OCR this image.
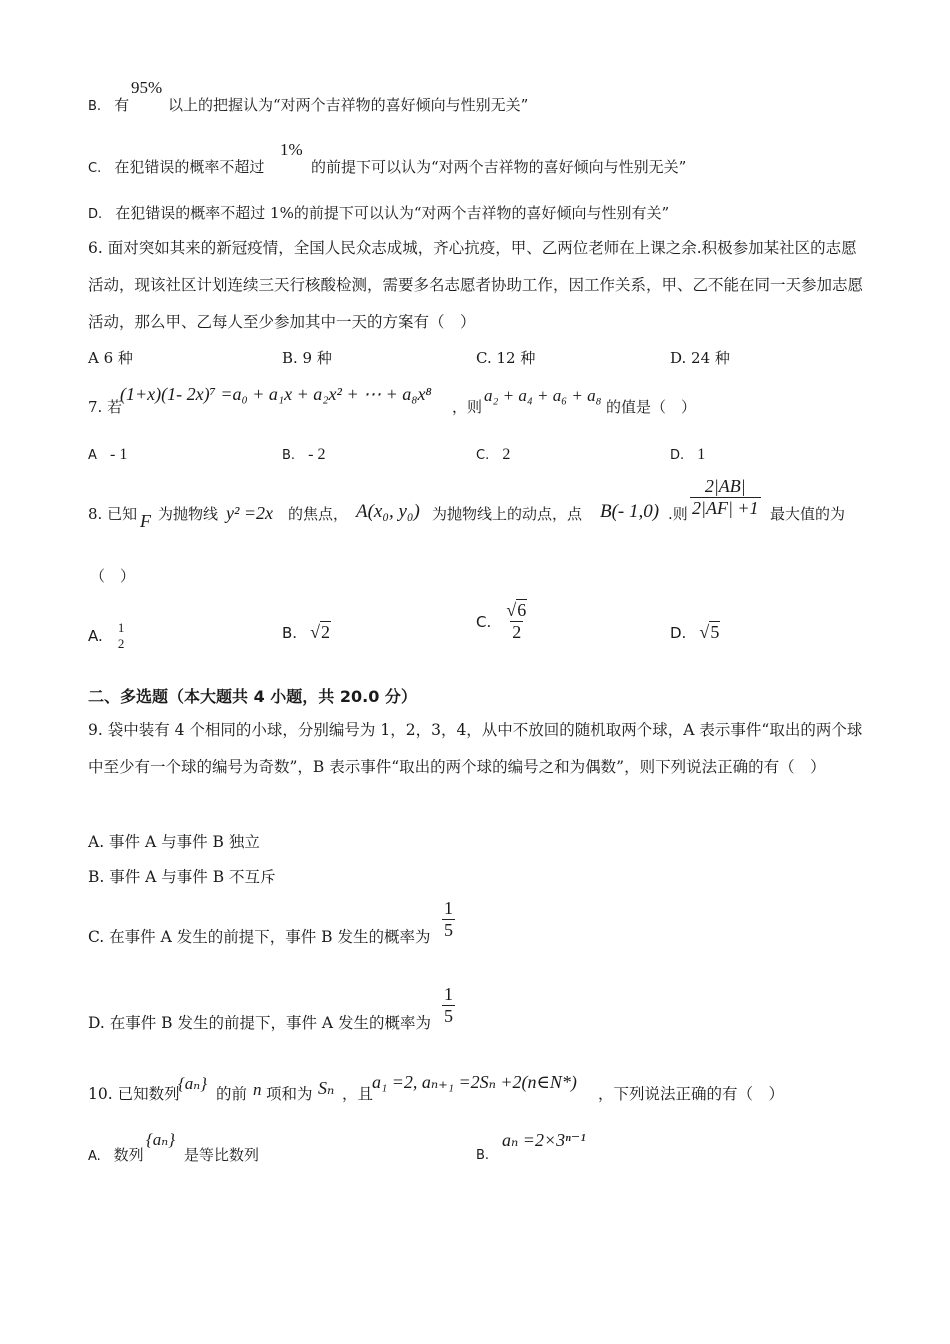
B. 有
95%
以上的把握认为“对两个吉祥物的喜好倾向与性别无关”
C. 在犯错误的概率不超过
1%
的前提下可以认为“对两个吉祥物的喜好倾向与性别无关”
D. 在犯错误的概率不超过 1%的前提下可以认为“对两个吉祥物的喜好倾向与性别有关”
6. 面对突如其来的新冠疫情，全国人民众志成城，齐心抗疫，甲、乙两位老师在上课之余.积极参加某社区的志愿活动，现该社区计划连续三天行核酸检测，需要多名志愿者协助工作，因工作关系，甲、乙不能在同一天参加志愿活动，那么甲、乙每人至少参加其中一天的方案有（　）
A 6 种	B. 9 种	C. 12 种	D. 24 种
7. 若
(1+x)(1- 2x)⁷ =a₀ + a₁x + a₂x² + ⋯ + a₈x⁸
，则
a₂ + a₄ + a₆ + a₈
的值是（　）
A - 1	B. - 2	C. 2	D. 1
8. 已知 F 为抛物线 y² =2x 的焦点， A(x₀, y₀) 为抛物线上的动点，点 B(- 1,0) .则 $\frac{2|AB|}{2|AF| +1}$ 最大值的为
（　）
A. 1
2
B. √2
C. $\frac{√6}{2}$	D. √5
二、多选题（本大题共 4 小题，共 20.0 分）
9. 袋中装有 4 个相同的小球，分别编号为 1，2，3，4，从中不放回的随机取两个球，A 表示事件“取出的两个球中至少有一个球的编号为奇数”，B 表示事件“取出的两个球的编号之和为偶数”，则下列说法正确的有（　）
A. 事件 A 与事件 B 独立
B. 事件 A 与事件 B 不互斥
C. 在事件 A 发生的前提下，事件 B 发生的概率为 $\frac{1}{5}$
D. 在事件 B 发生的前提下，事件 A 发生的概率为 $\frac{1}{5}$
10. 已知数列
{aₙ}
的前 n 项和为 Sₙ ，且
a₁ =2, aₙ₊₁ =2Sₙ +2(n∈N*)
，下列说法正确的有（　）
A. 数列
{aₙ}
是等比数列	B.
aₙ =2×3ⁿ⁻¹
